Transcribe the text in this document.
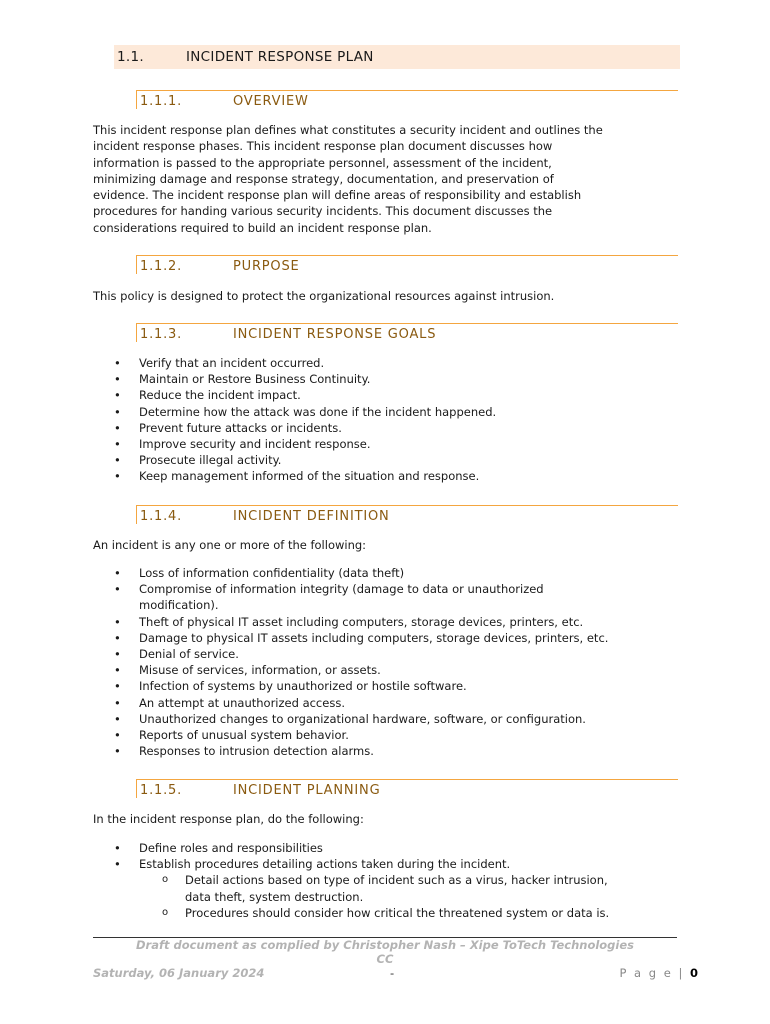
1.1.	INCIDENT RESPONSE PLAN
1.1.1.	OVERVIEW
This incident response plan defines what constitutes a security incident and outlines the
incident response phases. This incident response plan document discusses how
information is passed to the appropriate personnel, assessment of the incident,
minimizing damage and response strategy, documentation, and preservation of
evidence. The incident response plan will define areas of responsibility and establish
procedures for handing various security incidents. This document discusses the
considerations required to build an incident response plan.
1.1.2.	PURPOSE
This policy is designed to protect the organizational resources against intrusion.
1.1.3.	INCIDENT RESPONSE GOALS
• Verify that an incident occurred.
• Maintain or Restore Business Continuity.
• Reduce the incident impact.
• Determine how the attack was done if the incident happened.
• Prevent future attacks or incidents.
• Improve security and incident response.
• Prosecute illegal activity.
• Keep management informed of the situation and response.
1.1.4.	INCIDENT DEFINITION
An incident is any one or more of the following:
• Loss of information confidentiality (data theft)
• Compromise of information integrity (damage to data or unauthorized
modification).
• Theft of physical IT asset including computers, storage devices, printers, etc.
• Damage to physical IT assets including computers, storage devices, printers, etc.
• Denial of service.
• Misuse of services, information, or assets.
• Infection of systems by unauthorized or hostile software.
• An attempt at unauthorized access.
• Unauthorized changes to organizational hardware, software, or configuration.
• Reports of unusual system behavior.
• Responses to intrusion detection alarms.
1.1.5.	INCIDENT PLANNING
In the incident response plan, do the following:
• Define roles and responsibilities
• Establish procedures detailing actions taken during the incident.
o Detail actions based on type of incident such as a virus, hacker intrusion,
data theft, system destruction.
o Procedures should consider how critical the threatened system or data is.
Draft document as complied by Christopher Nash – Xipe ToTech Technologies
CC
Saturday, 06 January 2024	-	P a g e | 0
